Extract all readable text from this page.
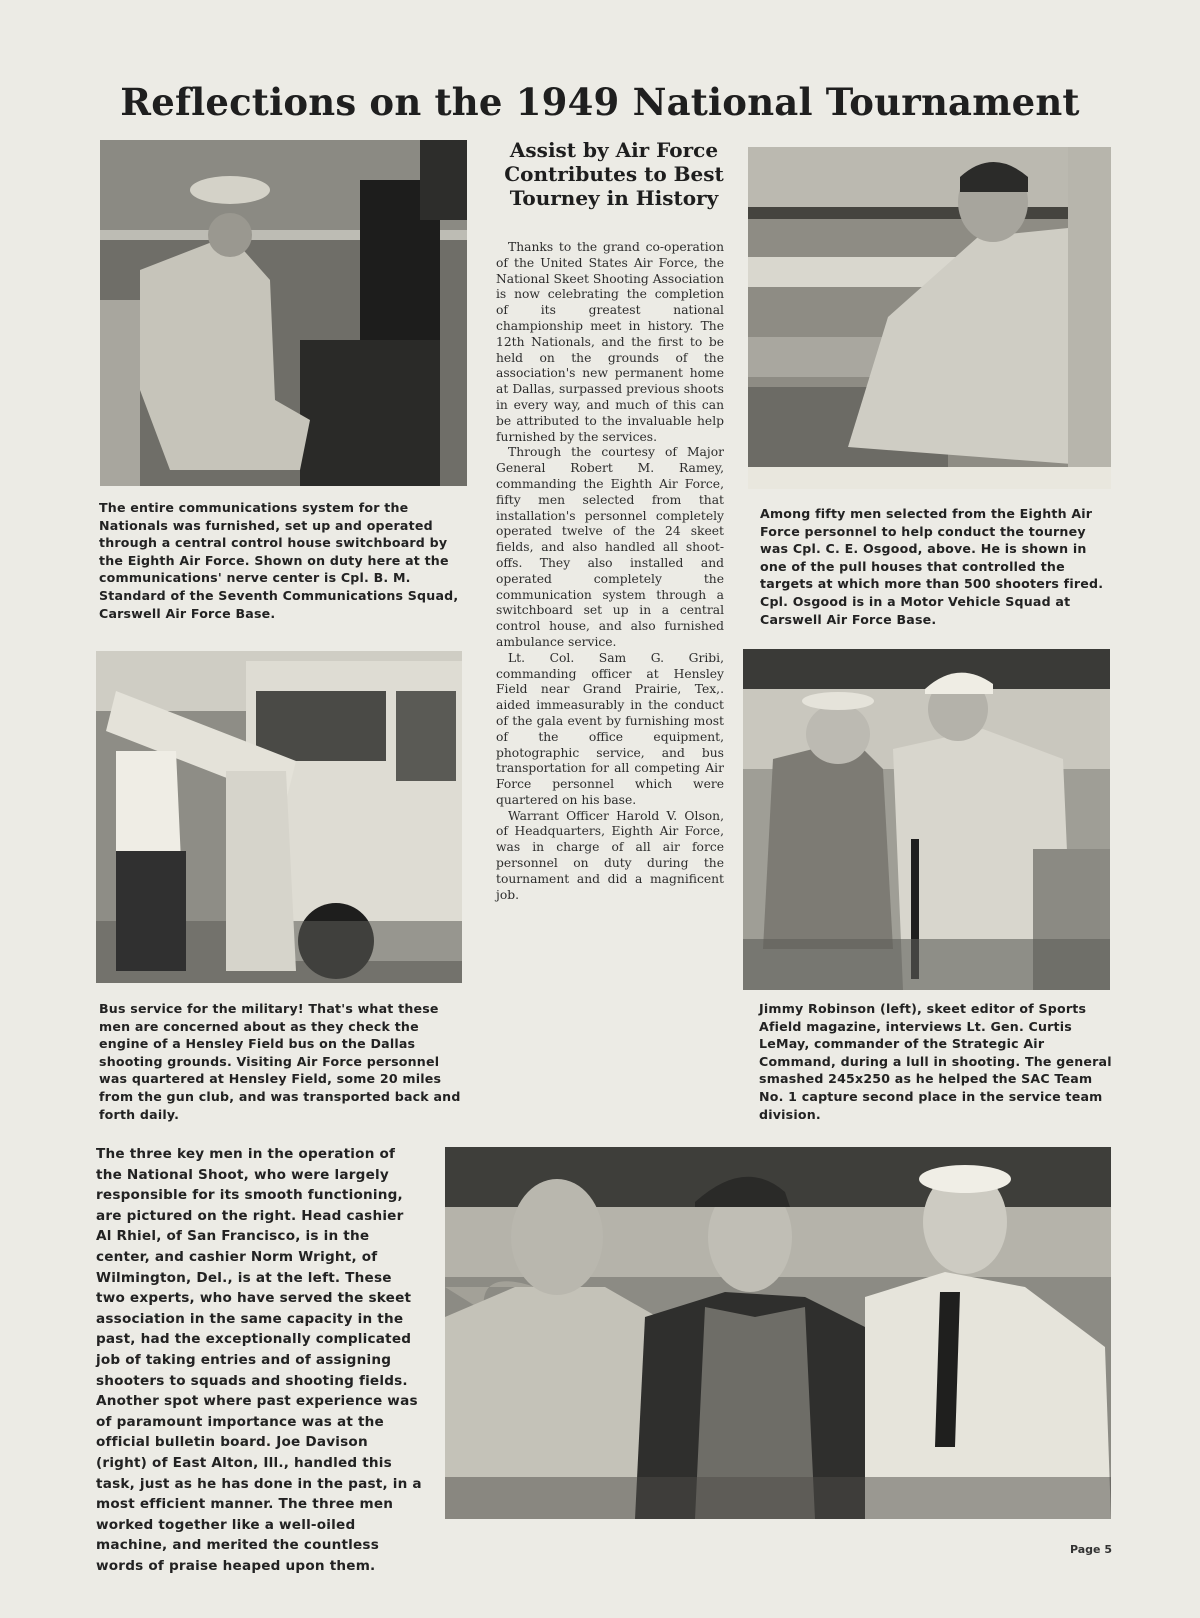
Reflections on the 1949 National Tournament

The entire communications system for the Nationals was furnished, set up and operated through a central control house switchboard by the Eighth Air Force. Shown on duty here at the communications' nerve center is Cpl. B. M. Standard of the Seventh Communications Squad, Carswell Air Force Base.

Bus service for the military! That's what these men are concerned about as they check the engine of a Hensley Field bus on the Dallas shooting grounds. Visiting Air Force personnel was quartered at Hensley Field, some 20 miles from the gun club, and was transported back and forth daily.

Assist by Air Force Contributes to Best Tourney in History

Thanks to the grand co-operation of the United States Air Force, the National Skeet Shooting Association is now celebrating the completion of its greatest national championship meet in history. The 12th Nationals, and the first to be held on the grounds of the association's new permanent home at Dallas, surpassed previous shoots in every way, and much of this can be attributed to the invaluable help furnished by the services.

Through the courtesy of Major General Robert M. Ramey, commanding the Eighth Air Force, fifty men selected from that installation's personnel completely operated twelve of the 24 skeet fields, and also handled all shoot-offs. They also installed and operated completely the communication system through a switchboard set up in a central control house, and also furnished ambulance service.

Lt. Col. Sam G. Gribi, commanding officer at Hensley Field near Grand Prairie, Tex,. aided immeasurably in the conduct of the gala event by furnishing most of the office equipment, photographic service, and bus transportation for all competing Air Force personnel which were quartered on his base.

Warrant Officer Harold V. Olson, of Headquarters, Eighth Air Force, was in charge of all air force personnel on duty during the tournament and did a magnificent job.

Among fifty men selected from the Eighth Air Force personnel to help conduct the tourney was Cpl. C. E. Osgood, above. He is shown in one of the pull houses that controlled the targets at which more than 500 shooters fired. Cpl. Osgood is in a Motor Vehicle Squad at Carswell Air Force Base.

Jimmy Robinson (left), skeet editor of Sports Afield magazine, interviews Lt. Gen. Curtis LeMay, commander of the Strategic Air Command, during a lull in shooting. The general smashed 245x250 as he helped the SAC Team No. 1 capture second place in the service team division.

The three key men in the operation of the National Shoot, who were largely responsible for its smooth functioning, are pictured on the right. Head cashier Al Rhiel, of San Francisco, is in the center, and cashier Norm Wright, of Wilmington, Del., is at the left. These two experts, who have served the skeet association in the same capacity in the past, had the exceptionally complicated job of taking entries and of assigning shooters to squads and shooting fields. Another spot where past experience was of paramount importance was at the official bulletin board. Joe Davison (right) of East Alton, Ill., handled this task, just as he has done in the past, in a most efficient manner. The three men worked together like a well-oiled machine, and merited the countless words of praise heaped upon them.

Page 5
